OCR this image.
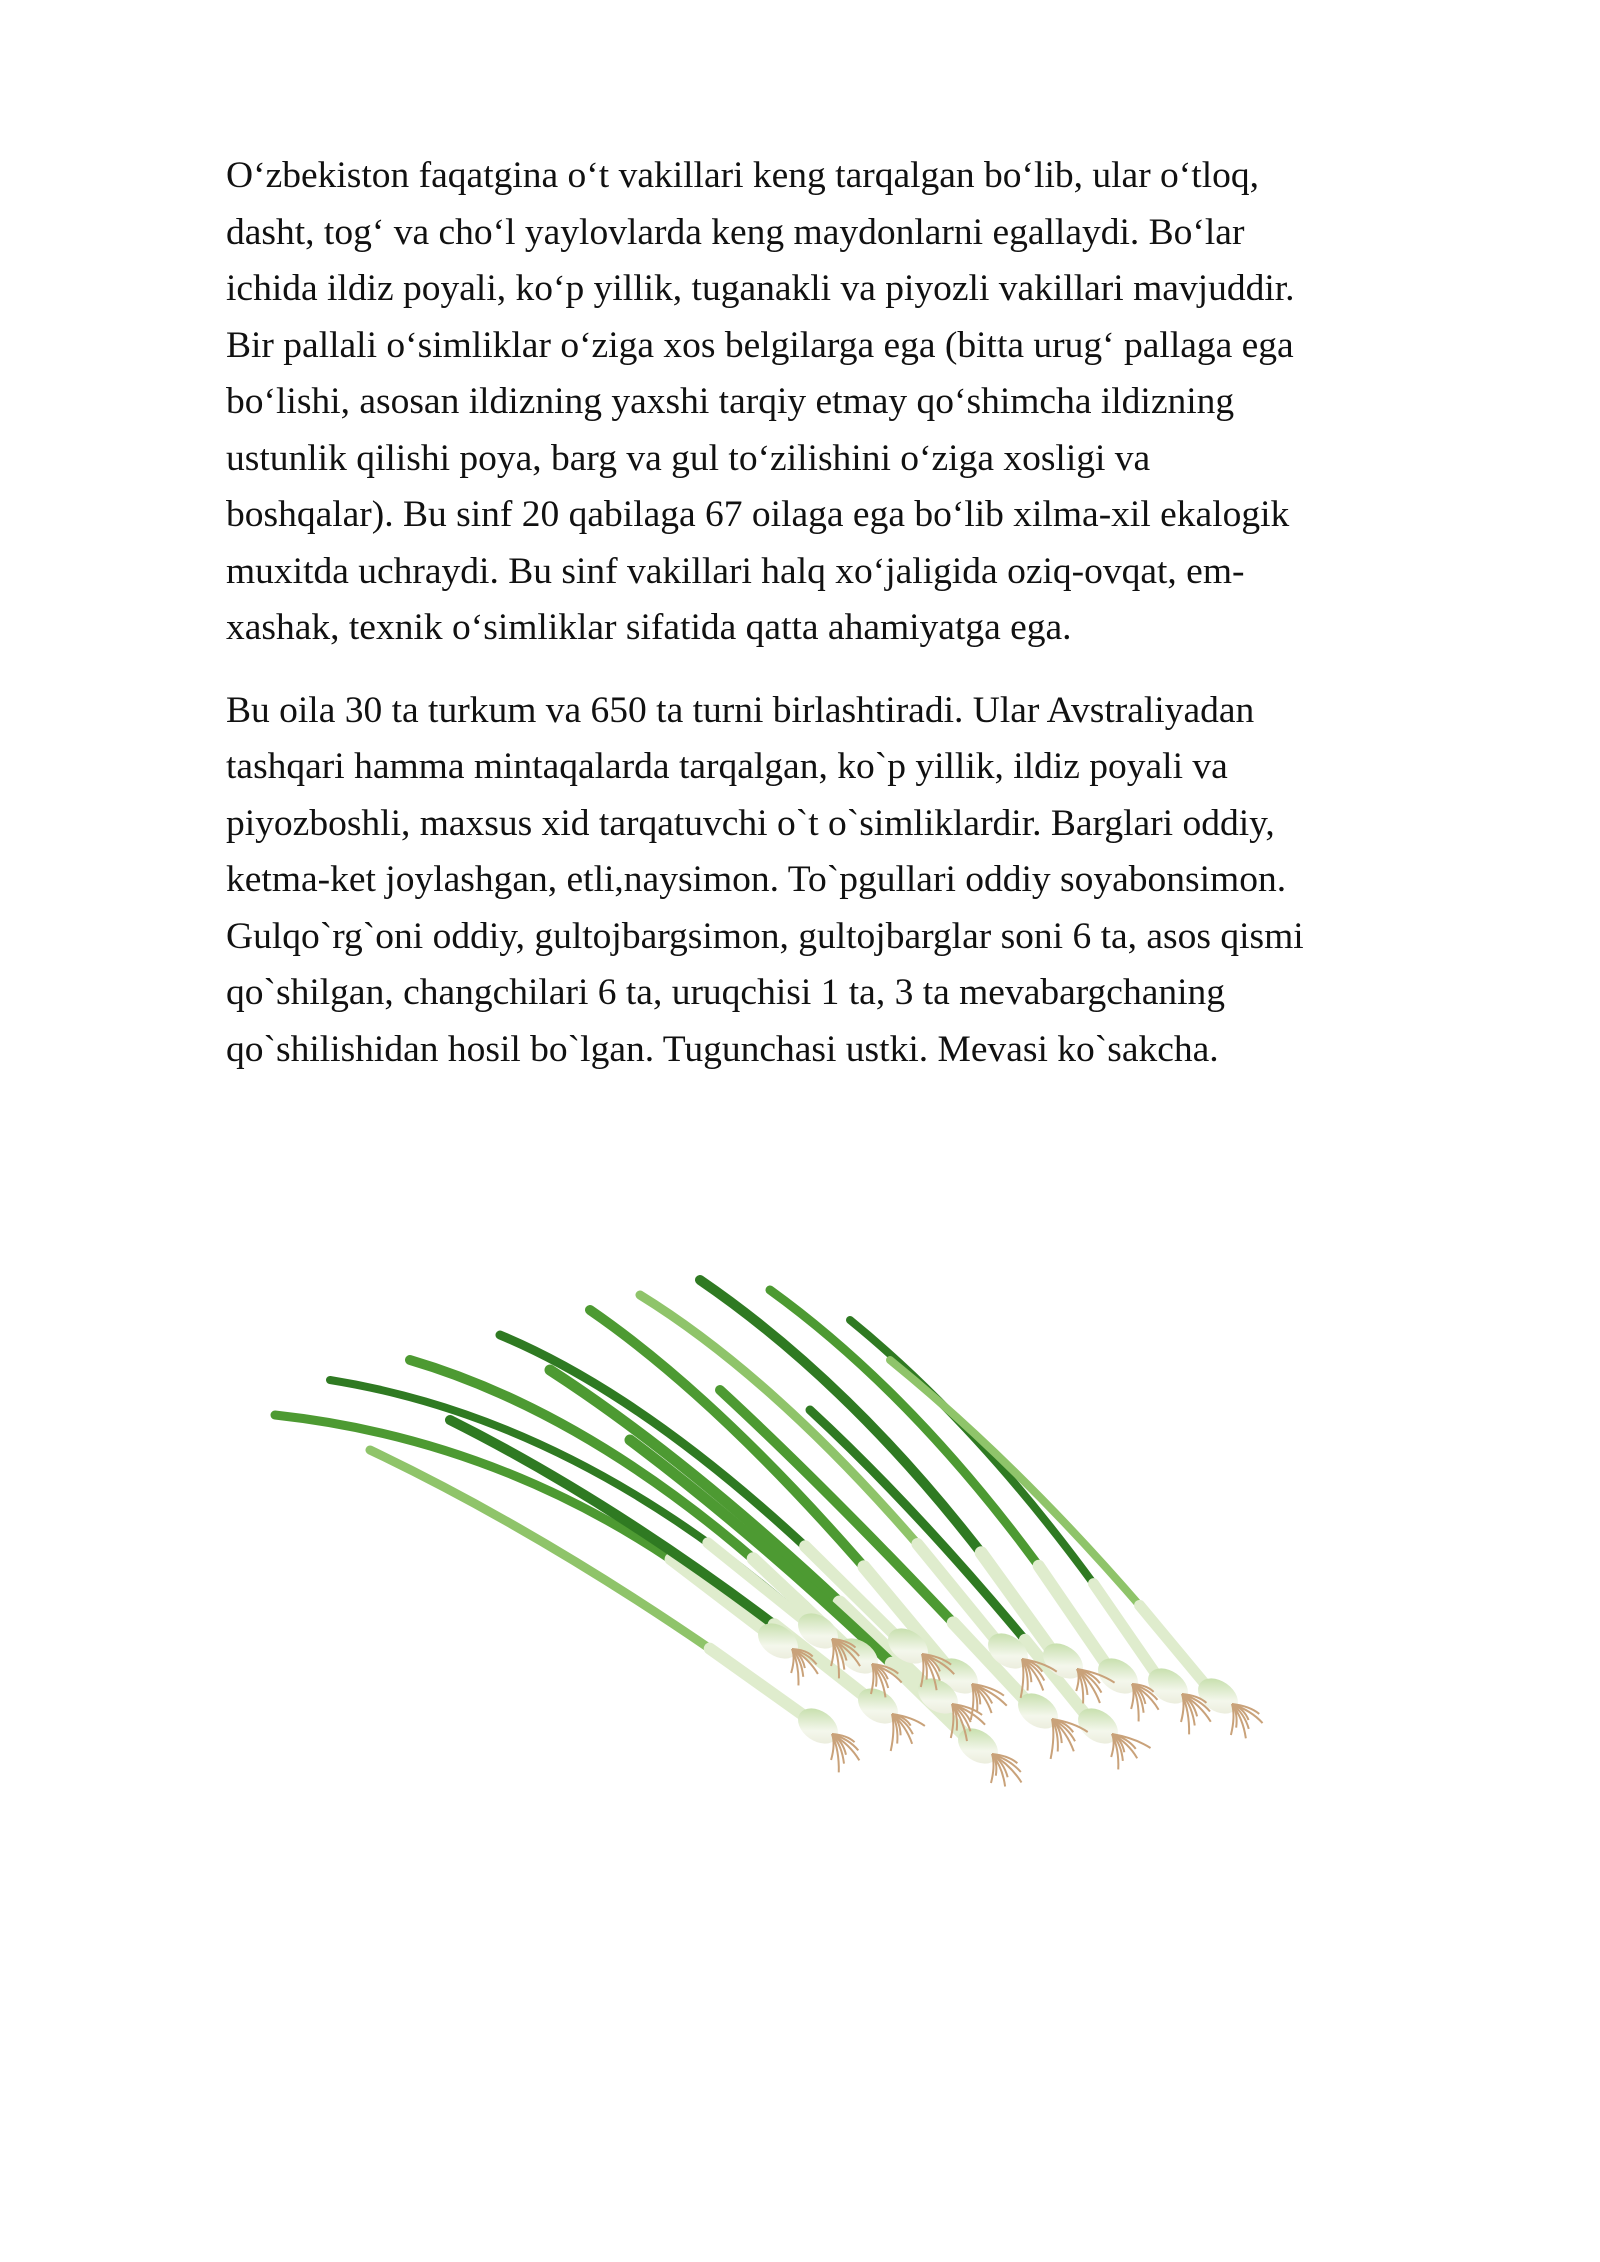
O‘zbekiston faqatgina o‘t vakillari keng tarqalgan bo‘lib, ular o‘tloq,
dasht, tog‘ va cho‘l yaylovlarda keng maydonlarni egallaydi. Bo‘lar
ichida ildiz poyali, ko‘p yillik, tuganakli va piyozli vakillari mavjuddir.
Bir pallali o‘simliklar o‘ziga xos belgilarga ega (bitta urug‘ pallaga ega
bo‘lishi, asosan ildizning yaxshi tarqiy etmay qo‘shimcha ildizning
ustunlik qilishi poya, barg va gul to‘zilishini o‘ziga xosligi va
boshqalar). Bu sinf 20 qabilaga 67 oilaga ega bo‘lib xilma-xil ekalogik
muxitda uchraydi. Bu sinf vakillari halq xo‘jaligida oziq-ovqat, em-
xashak, texnik o‘simliklar sifatida qatta ahamiyatga ega.

Bu oila 30 ta turkum va 650 ta turni birlashtiradi. Ular Avstraliyadan
tashqari hamma mintaqalarda tarqalgan, ko`p yillik, ildiz poyali va
piyozboshli, maxsus xid tarqatuvchi o`t o`simliklardir. Barglari oddiy,
ketma-ket joylashgan, etli,naysimon. To`pgullari oddiy soyabonsimon.
Gulqo`rg`oni oddiy, gultojbargsimon, gultojbarglar soni 6 ta, asos qismi
qo`shilgan, changchilari 6 ta, uruqchisi 1 ta, 3 ta mevabargchaning
qo`shilishidan hosil bo`lgan. Tugunchasi ustki. Mevasi ko`sakcha.
